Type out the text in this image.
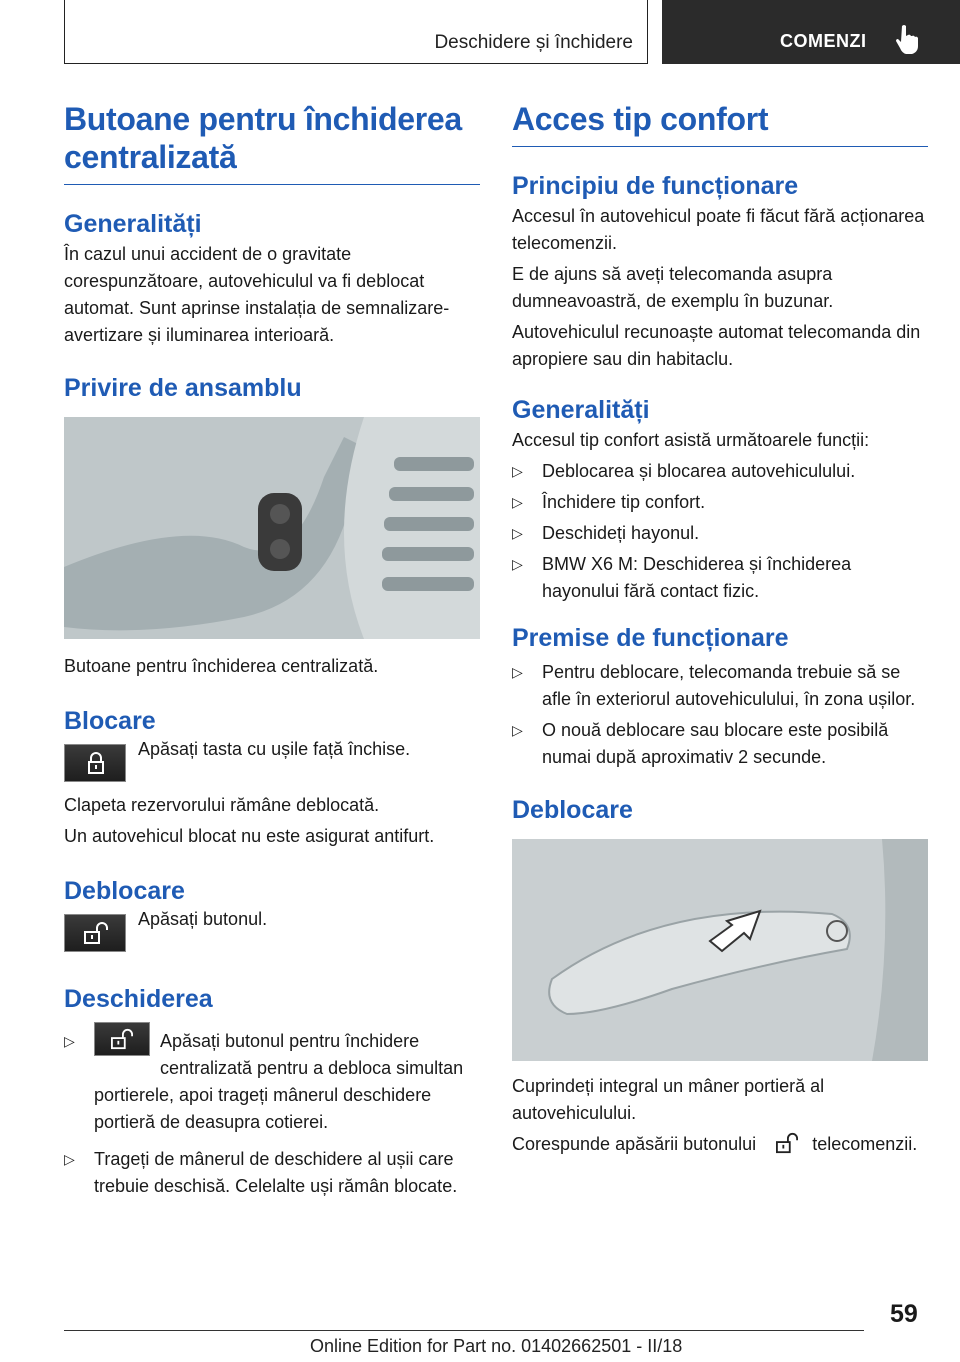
Deschidere și închidere	COMENZI
Butoane pentru închiderea centralizată
Generalități

În cazul unui accident de o gravitate corespunzătoare, autovehiculul va fi deblocat automat. Sunt aprinse instalația de semnalizare-avertizare și iluminarea interioară.

Privire de ansamblu

Butoane pentru închiderea centralizată.

Blocare

Apăsați tasta cu ușile față închise.

Clapeta rezervorului rămâne deblocată.

Un autovehicul blocat nu este asigurat antifurt.

Deblocare

Apăsați butonul.

Deschiderea
▷	Apăsați butonul pentru închidere centralizată pentru a debloca simultan portierele, apoi trageți mânerul deschidere portieră de deasupra cotierei.
▷ Trageți de mânerul de deschidere al ușii care trebuie deschisă. Celelalte uși rămân blocate.
Acces tip confort
Principiu de funcționare

Accesul în autovehicul poate fi făcut fără acționarea telecomenzii.

E de ajuns să aveți telecomanda asupra dumneavoastră, de exemplu în buzunar.

Autovehiculul recunoaște automat telecomanda din apropiere sau din habitaclu.

Generalități

Accesul tip confort asistă următoarele funcții:

▷ Deblocarea și blocarea autovehiculului.
▷ Închidere tip confort.
▷ Deschideți hayonul.
▷ BMW X6 M: Deschiderea și închiderea hayonului fără contact fizic.
Premise de funcționare
▷ Pentru deblocare, telecomanda trebuie să se afle în exteriorul autovehiculului, în zona ușilor.
▷ O nouă deblocare sau blocare este posibilă numai după aproximativ 2 secunde.
Deblocare

Cuprindeți integral un mâner portieră al autovehiculului.

Corespunde apăsării butonului	telecomenzii.

59
Online Edition for Part no. 01402662501 - II/18
